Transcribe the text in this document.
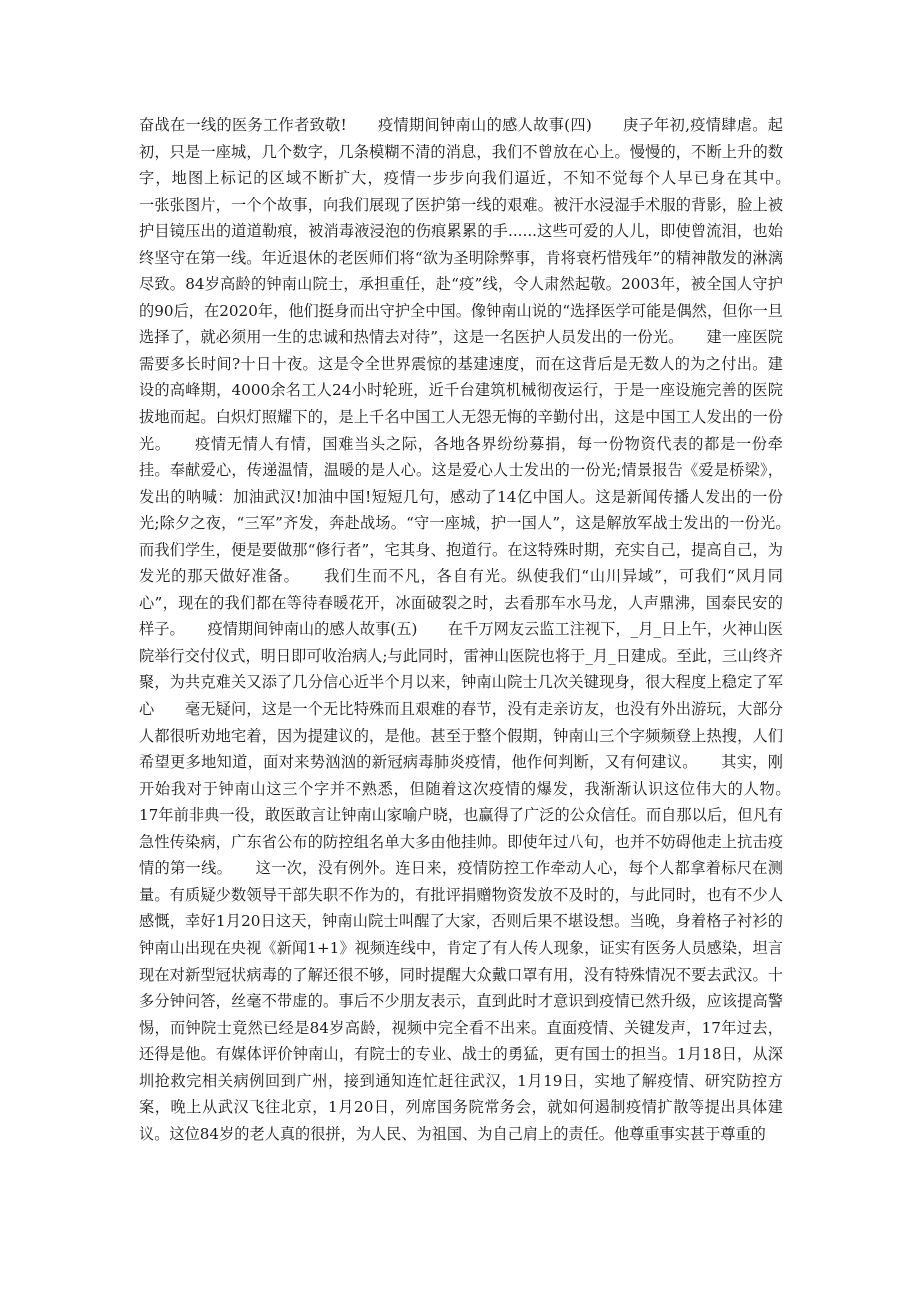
奋战在一线的医务工作者致敬!　　疫情期间钟南山的感人故事(四)　　庚子年初,疫情肆虐。起初，只是一座城，几个数字，几条模糊不清的消息，我们不曾放在心上。慢慢的，不断上升的数字，地图上标记的区域不断扩大，疫情一步步向我们逼近，不知不觉每个人早已身在其中。　　一张张图片，一个个故事，向我们展现了医护第一线的艰难。被汗水浸湿手术服的背影，脸上被护目镜压出的道道勒痕，被消毒液浸泡的伤痕累累的手......这些可爱的人儿，即使曾流泪，也始终坚守在第一线。年近退休的老医师们将“欲为圣明除弊事，肯将衰朽惜残年”的精神散发的淋漓尽致。84岁高龄的钟南山院士，承担重任，赴“疫”线，令人肃然起敬。2003年，被全国人守护的90后，在2020年，他们挺身而出守护全中国。像钟南山说的“选择医学可能是偶然，但你一旦选择了，就必须用一生的忠诚和热情去对待”，这是一名医护人员发出的一份光。　　建一座医院需要多长时间?十日十夜。这是令全世界震惊的基建速度，而在这背后是无数人的为之付出。建设的高峰期，4000余名工人24小时轮班，近千台建筑机械彻夜运行，于是一座设施完善的医院拔地而起。白炽灯照耀下的，是上千名中国工人无怨无悔的辛勤付出，这是中国工人发出的一份光。　　疫情无情人有情，国难当头之际，各地各界纷纷募捐，每一份物资代表的都是一份牵挂。奉献爱心，传递温情，温暖的是人心。这是爱心人士发出的一份光;情景报告《爱是桥梁》，发出的呐喊：加油武汉!加油中国!短短几句，感动了14亿中国人。这是新闻传播人发出的一份光;除夕之夜，“三军”齐发，奔赴战场。“守一座城，护一国人”，这是解放军战士发出的一份光。　　而我们学生，便是要做那“修行者”，宅其身、抱道行。在这特殊时期，充实自己，提高自己，为发光的那天做好准备。　　我们生而不凡，各自有光。纵使我们“山川异域”，可我们“风月同心”，现在的我们都在等待春暖花开，冰面破裂之时，去看那车水马龙，人声鼎沸，国泰民安的样子。　　疫情期间钟南山的感人故事(五)　　在千万网友云监工注视下，_月_日上午，火神山医院举行交付仪式，明日即可收治病人;与此同时，雷神山医院也将于_月_日建成。至此，三山终齐聚，为共克难关又添了几分信心近半个月以来，钟南山院士几次关键现身，很大程度上稳定了军心　　毫无疑问，这是一个无比特殊而且艰难的春节，没有走亲访友，也没有外出游玩，大部分人都很听劝地宅着，因为提建议的，是他。甚至于整个假期，钟南山三个字频频登上热搜，人们希望更多地知道，面对来势汹汹的新冠病毒肺炎疫情，他作何判断，又有何建议。　　其实，刚开始我对于钟南山这三个字并不熟悉，但随着这次疫情的爆发，我渐渐认识这位伟大的人物。　　17年前非典一役，敢医敢言让钟南山家喻户晓，也赢得了广泛的公众信任。而自那以后，但凡有急性传染病，广东省公布的防控组名单大多由他挂帅。即使年过八旬，也并不妨碍他走上抗击疫情的第一线。　　这一次，没有例外。连日来，疫情防控工作牵动人心，每个人都拿着标尺在测量。有质疑少数领导干部失职不作为的，有批评捐赠物资发放不及时的，与此同时，也有不少人感慨，幸好1月20日这天，钟南山院士叫醒了大家，否则后果不堪设想。当晚，身着格子衬衫的钟南山出现在央视《新闻1+1》视频连线中，肯定了有人传人现象，证实有医务人员感染，坦言现在对新型冠状病毒的了解还很不够，同时提醒大众戴口罩有用，没有特殊情况不要去武汉。十多分钟问答，丝毫不带虚的。事后不少朋友表示，直到此时才意识到疫情已然升级，应该提高警惕，而钟院士竟然已经是84岁高龄，视频中完全看不出来。直面疫情、关键发声，17年过去，还得是他。有媒体评价钟南山，有院士的专业、战士的勇猛，更有国士的担当。1月18日，从深圳抢救完相关病例回到广州，接到通知连忙赶往武汉，1月19日，实地了解疫情、研究防控方案，晚上从武汉飞往北京，1月20日，列席国务院常务会，就如何遏制疫情扩散等提出具体建议。这位84岁的老人真的很拼，为人民、为祖国、为自己肩上的责任。他尊重事实甚于尊重的
